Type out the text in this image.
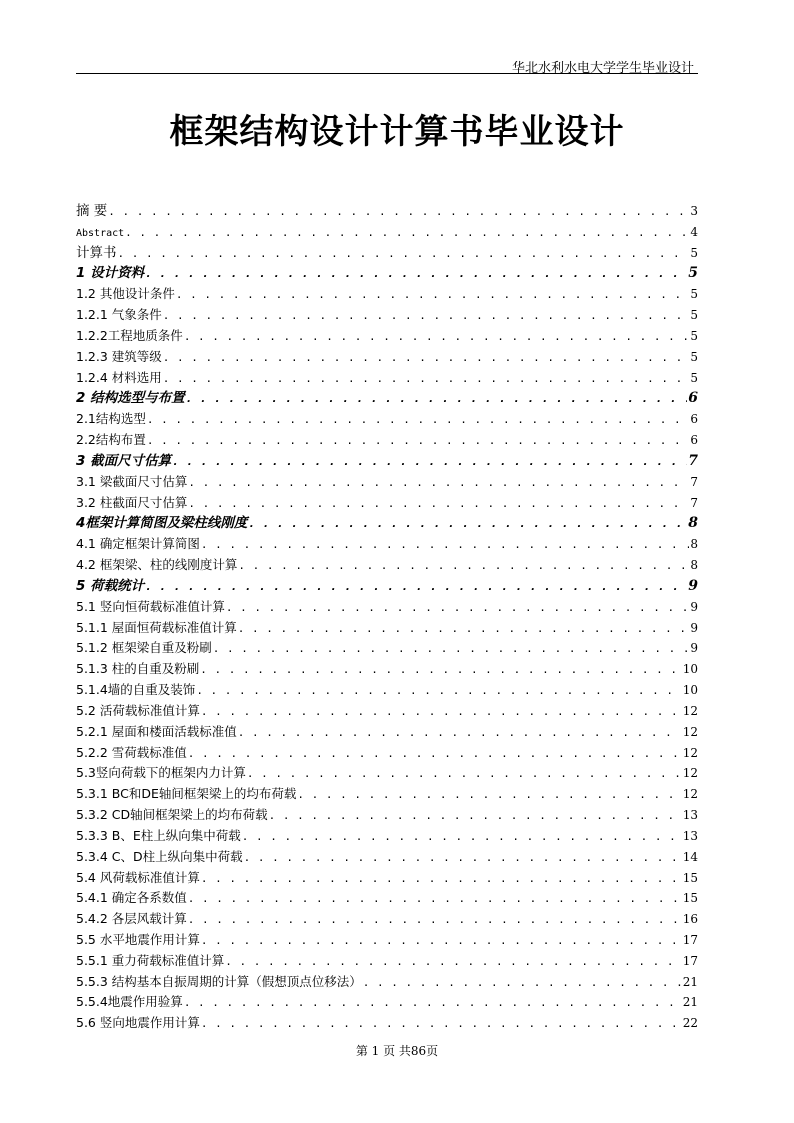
华北水利水电大学学生毕业设计
框架结构设计计算书毕业设计
摘 要 . . .	3
Abstract . . .	4
计算书 . . .	5
1 设计资料 . . .	5
1.2 其他设计条件 . . .	5
1.2.1 气象条件 . . .	5
1.2.2工程地质条件 . . .	5
1.2.3 建筑等级 . . .	5
1.2.4 材料选用 . . .	5
2 结构选型与布置 . . .	6
2.1结构选型 . . .	6
2.2结构布置 . . .	6
3 截面尺寸估算 . . .	7
3.1 梁截面尺寸估算 . . .	7
3.2 柱截面尺寸估算 . . .	7
4框架计算简图及梁柱线刚度 . . .	8
4.1 确定框架计算简图 . . .	8
4.2 框架梁、柱的线刚度计算 . . .	8
5 荷载统计 . . .	9
5.1 竖向恒荷载标准值计算 . . .	9
5.1.1 屋面恒荷载标准值计算 . . .	9
5.1.2 框架梁自重及粉刷 . . .	9
5.1.3 柱的自重及粉刷 . . .	10
5.1.4墙的自重及装饰 . . .	10
5.2 活荷载标准值计算 . . .	12
5.2.1 屋面和楼面活载标准值 . . .	12
5.2.2 雪荷载标准值 . . .	12
5.3竖向荷载下的框架内力计算 . . .	12
5.3.1 BC和DE轴间框架梁上的均布荷载 . . .	12
5.3.2 CD轴间框架梁上的均布荷载 . . .	13
5.3.3 B、E柱上纵向集中荷载 . . .	13
5.3.4 C、D柱上纵向集中荷载 . . .	14
5.4 风荷载标准值计算 . . .	15
5.4.1 确定各系数值 . . .	15
5.4.2 各层风载计算 . . .	16
5.5 水平地震作用计算 . . .	17
5.5.1 重力荷载标准值计算 . . .	17
5.5.3 结构基本自振周期的计算（假想顶点位移法） . . .	21
5.5.4地震作用验算 . . .	21
5.6 竖向地震作用计算 . . .	22
第 1 页 共86页
